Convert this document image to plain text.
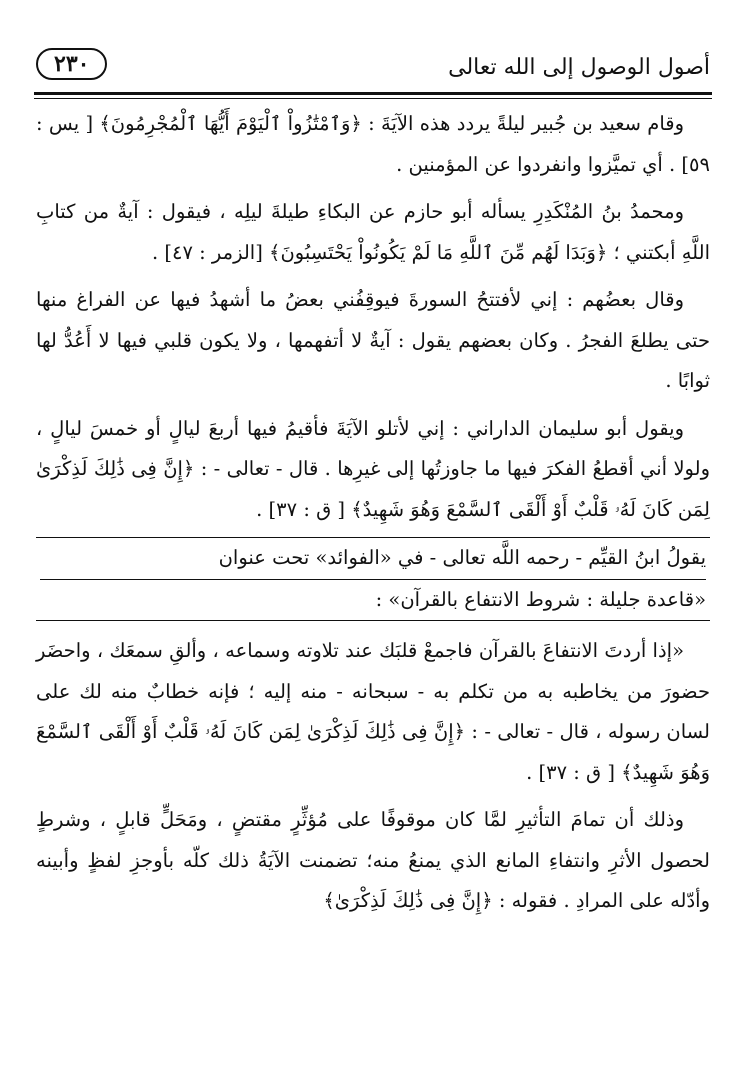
أصول الوصول إلى الله تعالى
٢٣٠

وقام سعيد بن جُبير ليلةً يردد هذه الآيَةَ : ﴿وَٱمْتَٰزُواْ ٱلْيَوْمَ أَيُّهَا ٱلْمُجْرِمُونَ﴾ [ يس : ٥٩] . أي تميَّزوا وانفردوا عن المؤمنين .

ومحمدُ بنُ المُنْكَدِرِ يسأله أبو حازم عن البكاءِ طيلةَ ليلِه ، فيقول : آيةٌ من كتابِ اللَّهِ أبكتني ؛ ﴿وَبَدَا لَهُم مِّنَ ٱللَّهِ مَا لَمْ يَكُونُواْ يَحْتَسِبُونَ﴾ [الزمر : ٤٧] .

وقال بعضُهم : إني لأفتتحُ السورةَ فيوقِفُني بعضُ ما أشهدُ فيها عن الفراغ منها حتى يطلعَ الفجرُ . وكان بعضهم يقول : آيةٌ لا أتفهمها ، ولا يكون قلبي فيها لا أَعُدُّ لها ثوابًا .

ويقول أبو سليمان الداراني : إني لأتلو الآيَةَ فأقيمُ فيها أربعَ ليالٍ أو خمسَ ليالٍ ، ولولا أني أقطعُ الفكرَ فيها ما جاوزتُها إلى غيرِها . قال - تعالى - : ﴿إِنَّ فِى ذَٰلِكَ لَذِكْرَىٰ لِمَن كَانَ لَهُۥ قَلْبٌ أَوْ أَلْقَى ٱلسَّمْعَ وَهُوَ شَهِيدٌ﴾ [ ق : ٣٧] .

يقولُ ابنُ القيِّم - رحمه اللَّه تعالى - في «الفوائد» تحت عنوان

«قاعدة جليلة : شروط الانتفاع بالقرآن» :

«إذا أردتَ الانتفاعَ بالقرآن فاجمعْ قلبَك عند تلاوته وسماعه ، وألقِ سمعَك ، واحضَر حضورَ من يخاطبه به من تكلم به - سبحانه - منه إليه ؛ فإنه خطابٌ منه لك على لسان رسوله ، قال - تعالى - : ﴿إِنَّ فِى ذَٰلِكَ لَذِكْرَىٰ لِمَن كَانَ لَهُۥ قَلْبٌ أَوْ أَلْقَى ٱلسَّمْعَ وَهُوَ شَهِيدٌ﴾ [ ق : ٣٧] .

وذلك أن تمامَ التأثيرِ لمَّا كان موقوفًا على مُؤثِّرٍ مقتضٍ ، ومَحَلٍّ قابلٍ ، وشرطٍ لحصول الأثرِ وانتفاءِ المانع الذي يمنعُ منه؛ تضمنت الآيَةُ ذلك كلّه بأوجزِ لفظٍ وأبينه وأدّله على المرادِ . فقوله : ﴿إِنَّ فِى ذَٰلِكَ لَذِكْرَىٰ﴾
